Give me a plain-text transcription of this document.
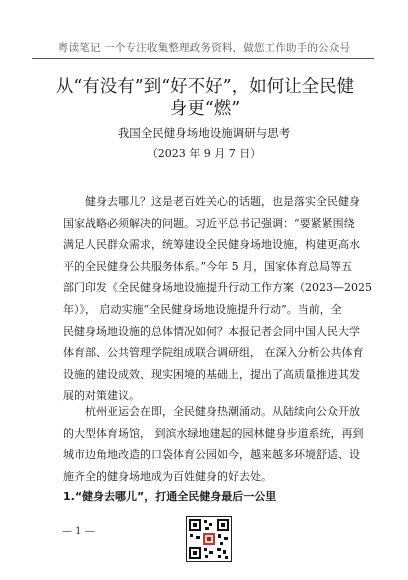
粤读笔记 一个专注收集整理政务资料，做您工作助手的公众号
从“有没有”到“好不好”，如何让全民健身更“燃”
我国全民健身场地设施调研与思考
（2023 年 9 月 7 日）
健身去哪儿？这是老百姓关心的话题，也是落实全民健身
国家战略必须解决的问题。习近平总书记强调：“要紧紧围绕
满足人民群众需求，统筹建设全民健身场地设施，构建更高水
平的全民健身公共服务体系。”今年 5 月，国家体育总局等五
部门印发《全民健身场地设施提升行动工作方案（2023—2025
年）》， 启动实施“全民健身场地设施提升行动”。当前，全
民健身场地设施的总体情况如何？本报记者会同中国人民大学
体育部、公共管理学院组成联合调研组， 在深入分析公共体育
设施的建设成效、现实困境的基础上，提出了高质量推进其发
展的对策建议。
杭州亚运会在即，全民健身热潮涌动。从陆续向公众开放
的大型体育场馆， 到滨水绿地建起的园林健身步道系统，再到
城市边角地改造的口袋体育公园如今，越来越多环境舒适、设
施齐全的健身场地成为百姓健身的好去处。
1.“健身去哪儿”，打通全民健身最后一公里
— 1 —
